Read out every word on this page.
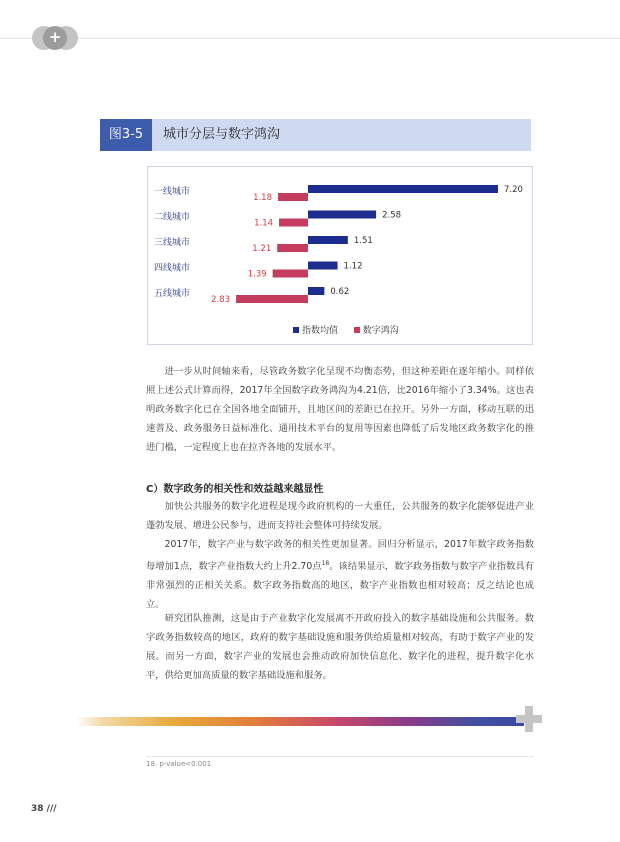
+
图3-5	城市分层与数字鸿沟
一线城市	7.20
1.18
二线城市	2.58
1.14
三线城市	1.51
1.21
四线城市	1.12
1.39
五线城市	0.62
2.83
指数均值	数字鸿沟

进一步从时间轴来看，尽管政务数字化呈现不均衡态势，但这种差距在逐年缩小。同样依照上述公式计算而得，2017年全国数字政务鸿沟为4.21倍，比2016年缩小了3.34%。这也表明政务数字化已在全国各地全面铺开，且地区间的差距已在拉开。另外一方面，移动互联的迅速普及、政务服务日益标准化、通用技术平台的复用等因素也降低了后发地区政务数字化的推进门槛，一定程度上也在拉齐各地的发展水平。

C）数字政务的相关性和效益越来越显性

加快公共服务的数字化进程是现今政府机构的一大重任，公共服务的数字化能够促进产业蓬勃发展、增进公民参与，进而支持社会整体可持续发展。

2017年，数字产业与数字政务的相关性更加显著。回归分析显示，2017年数字政务指数每增加1点，数字产业指数大约上升2.70点$^{18}$。该结果显示，数字政务指数与数字产业指数具有非常强烈的正相关关系。数字政务指数高的地区，数字产业指数也相对较高；反之结论也成立。

研究团队推测，这是由于产业数字化发展离不开政府投入的数字基础设施和公共服务。数字政务指数较高的地区，政府的数字基础设施和服务供给质量相对较高，有助于数字产业的发展。而另一方面，数字产业的发展也会推动政府加快信息化、数字化的进程，提升数字化水平，供给更加高质量的数字基础设施和服务。

18. p-value<0.001
38 ///
